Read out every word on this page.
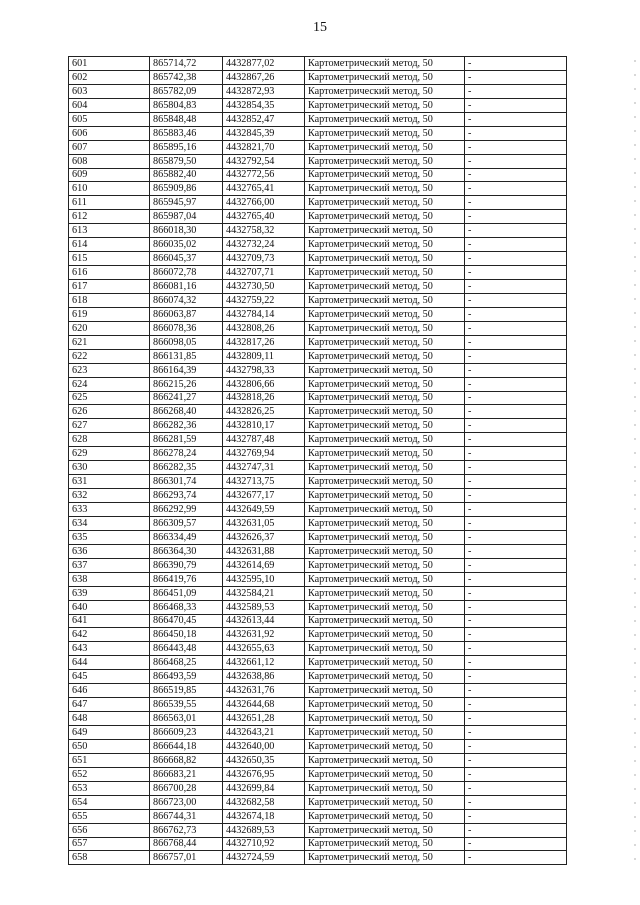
15
601	865714,72	4432877,02	Картометрический метод, 50	-
602	865742,38	4432867,26	Картометрический метод, 50	-
603	865782,09	4432872,93	Картометрический метод, 50	-
604	865804,83	4432854,35	Картометрический метод, 50	-
605	865848,48	4432852,47	Картометрический метод, 50	-
606	865883,46	4432845,39	Картометрический метод, 50	-
607	865895,16	4432821,70	Картометрический метод, 50	-
608	865879,50	4432792,54	Картометрический метод, 50	-
609	865882,40	4432772,56	Картометрический метод, 50	-
610	865909,86	4432765,41	Картометрический метод, 50	-
611	865945,97	4432766,00	Картометрический метод, 50	-
612	865987,04	4432765,40	Картометрический метод, 50	-
613	866018,30	4432758,32	Картометрический метод, 50	-
614	866035,02	4432732,24	Картометрический метод, 50	-
615	866045,37	4432709,73	Картометрический метод, 50	-
616	866072,78	4432707,71	Картометрический метод, 50	-
617	866081,16	4432730,50	Картометрический метод, 50	-
618	866074,32	4432759,22	Картометрический метод, 50	-
619	866063,87	4432784,14	Картометрический метод, 50	-
620	866078,36	4432808,26	Картометрический метод, 50	-
621	866098,05	4432817,26	Картометрический метод, 50	-
622	866131,85	4432809,11	Картометрический метод, 50	-
623	866164,39	4432798,33	Картометрический метод, 50	-
624	866215,26	4432806,66	Картометрический метод, 50	-
625	866241,27	4432818,26	Картометрический метод, 50	-
626	866268,40	4432826,25	Картометрический метод, 50	-
627	866282,36	4432810,17	Картометрический метод, 50	-
628	866281,59	4432787,48	Картометрический метод, 50	-
629	866278,24	4432769,94	Картометрический метод, 50	-
630	866282,35	4432747,31	Картометрический метод, 50	-
631	866301,74	4432713,75	Картометрический метод, 50	-
632	866293,74	4432677,17	Картометрический метод, 50	-
633	866292,99	4432649,59	Картометрический метод, 50	-
634	866309,57	4432631,05	Картометрический метод, 50	-
635	866334,49	4432626,37	Картометрический метод, 50	-
636	866364,30	4432631,88	Картометрический метод, 50	-
637	866390,79	4432614,69	Картометрический метод, 50	-
638	866419,76	4432595,10	Картометрический метод, 50	-
639	866451,09	4432584,21	Картометрический метод, 50	-
640	866468,33	4432589,53	Картометрический метод, 50	-
641	866470,45	4432613,44	Картометрический метод, 50	-
642	866450,18	4432631,92	Картометрический метод, 50	-
643	866443,48	4432655,63	Картометрический метод, 50	-
644	866468,25	4432661,12	Картометрический метод, 50	-
645	866493,59	4432638,86	Картометрический метод, 50	-
646	866519,85	4432631,76	Картометрический метод, 50	-
647	866539,55	4432644,68	Картометрический метод, 50	-
648	866563,01	4432651,28	Картометрический метод, 50	-
649	866609,23	4432643,21	Картометрический метод, 50	-
650	866644,18	4432640,00	Картометрический метод, 50	-
651	866668,82	4432650,35	Картометрический метод, 50	-
652	866683,21	4432676,95	Картометрический метод, 50	-
653	866700,28	4432699,84	Картометрический метод, 50	-
654	866723,00	4432682,58	Картометрический метод, 50	-
655	866744,31	4432674,18	Картометрический метод, 50	-
656	866762,73	4432689,53	Картометрический метод, 50	-
657	866768,44	4432710,92	Картометрический метод, 50	-
658	866757,01	4432724,59	Картометрический метод, 50	-
